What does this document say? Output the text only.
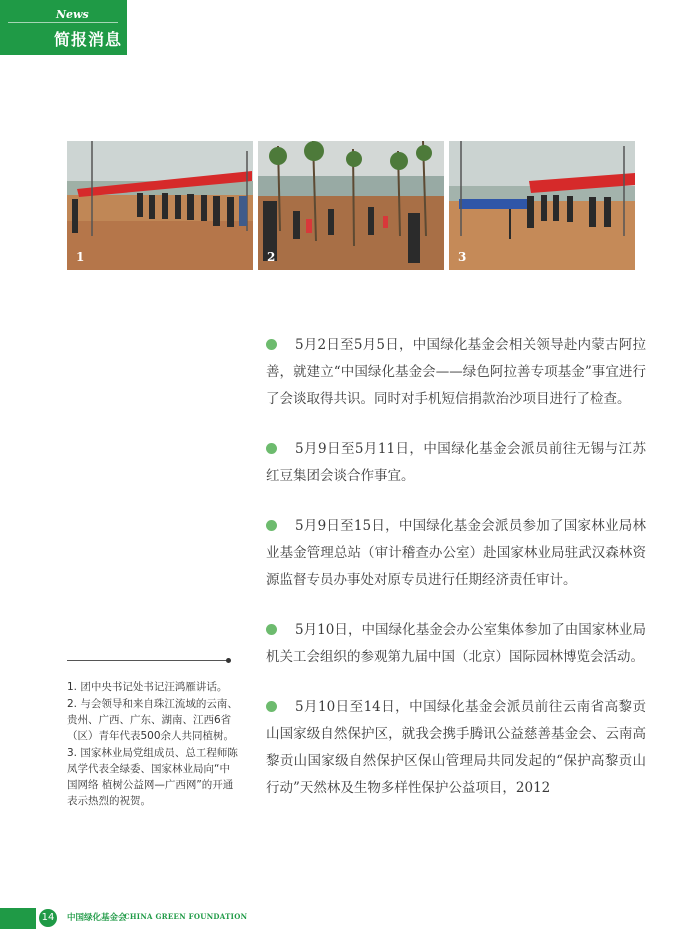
News
简报消息
1	2	3

5月2日至5月5日，中国绿化基金会相关领导赴内蒙古阿拉善，就建立“中国绿化基金会——绿色阿拉善专项基金”事宜进行了会谈取得共识。同时对手机短信捐款治沙项目进行了检查。

5月9日至5月11日，中国绿化基金会派员前往无锡与江苏红豆集团会谈合作事宜。

5月9日至15日，中国绿化基金会派员参加了国家林业局林业基金管理总站（审计稽查办公室）赴国家林业局驻武汉森林资源监督专员办事处对原专员进行任期经济责任审计。

5月10日，中国绿化基金会办公室集体参加了由国家林业局机关工会组织的参观第九届中国（北京）国际园林博览会活动。

5月10日至14日，中国绿化基金会派员前往云南省高黎贡山国家级自然保护区，就我会携手腾讯公益慈善基金会、云南高黎贡山国家级自然保护区保山管理局共同发起的“保护高黎贡山行动”天然林及生物多样性保护公益项目，2012

1. 团中央书记处书记汪鸿雁讲话。

2. 与会领导和来自珠江流域的云南、贵州、广西、广东、湖南、江西6省（区）青年代表500余人共同植树。

3. 国家林业局党组成员、总工程师陈凤学代表全绿委、国家林业局向“中国网络 植树公益网—广西网”的开通表示热烈的祝贺。

14	中国绿化基金会
CHINA GREEN FOUNDATION
